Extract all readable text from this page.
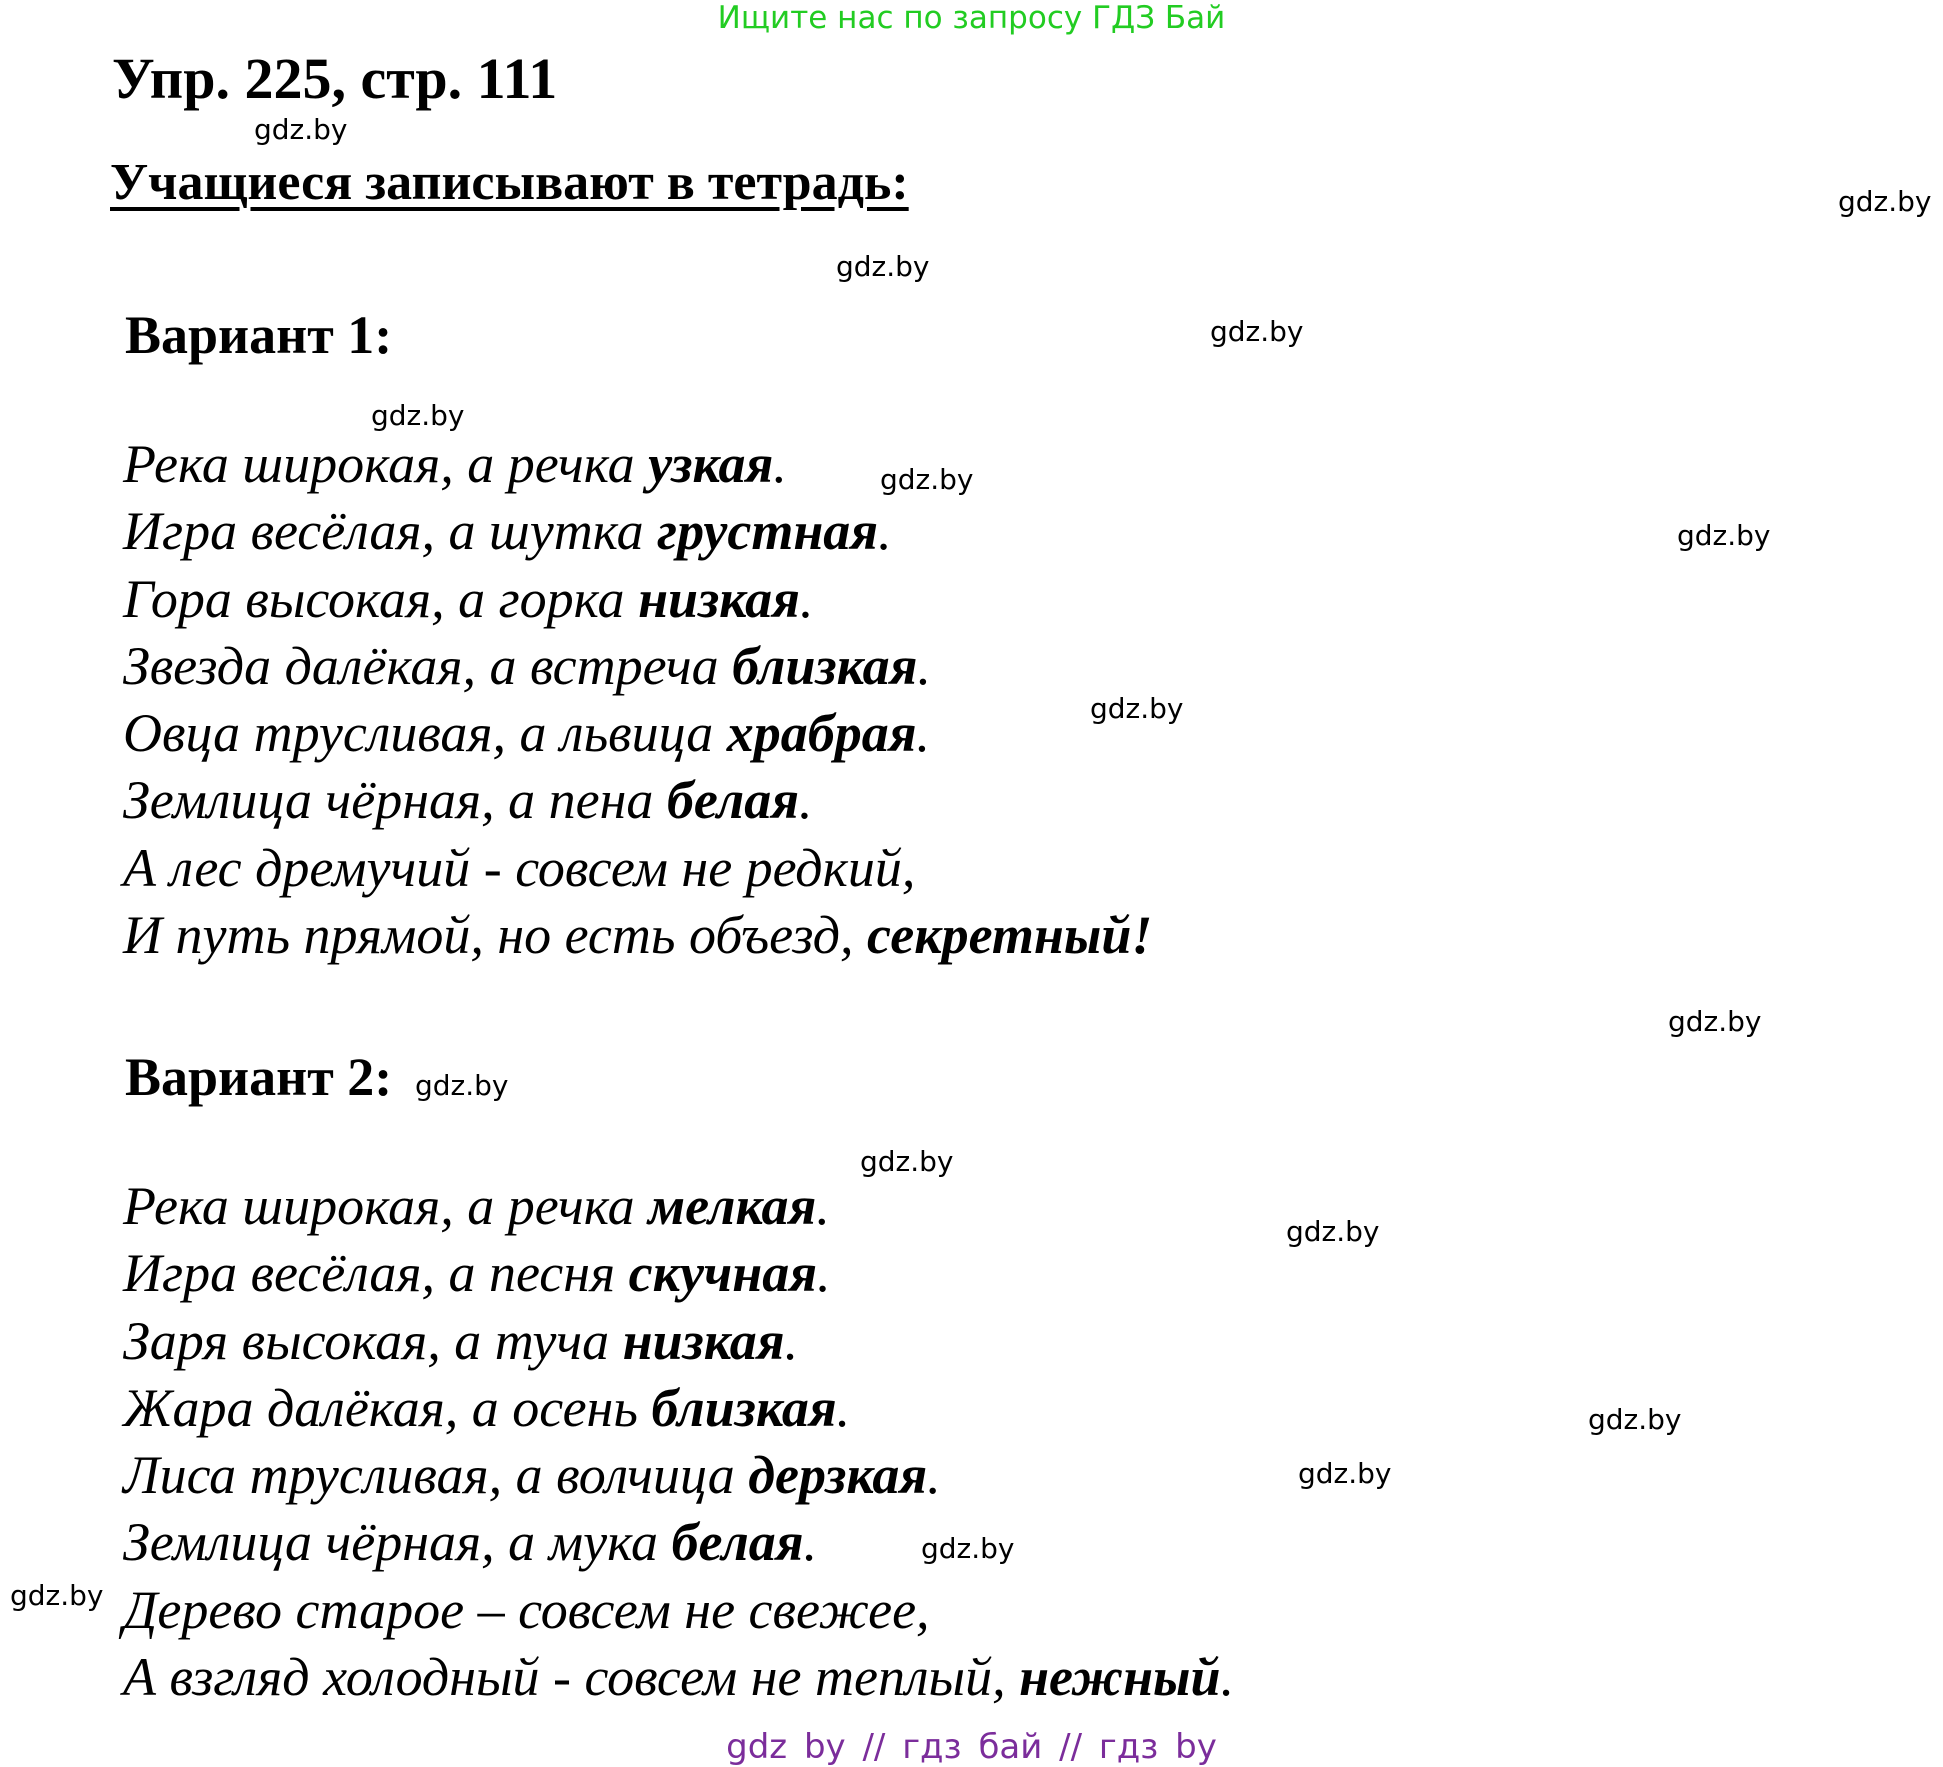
Ищите нас по запросу ГДЗ Бай
Упр. 225, стр. 111
Учащиеся записывают в тетрадь:
Вариант 1:
Река широкая, а речка узкая.
Игра весёлая, а шутка грустная.
Гора высокая, а горка низкая.
Звезда далёкая, а встреча близкая.
Овца трусливая, а львица храбрая.
Землица чёрная, а пена белая.
А лес дремучий - совсем не редкий,
И путь прямой, но есть объезд, секретный!
Вариант 2:
Река широкая, а речка мелкая.
Игра весёлая, а песня скучная.
Заря высокая, а туча низкая.
Жара далёкая, а осень близкая.
Лиса трусливая, а волчица дерзкая.
Землица чёрная, а мука белая.
Дерево старое – совсем не свежее,
А взгляд холодный - совсем не теплый, нежный.
gdz.by
gdz.by
gdz.by
gdz.by
gdz.by
gdz.by
gdz.by
gdz.by
gdz.by
gdz.by
gdz.by
gdz.by
gdz.by
gdz.by
gdz.by
gdz.by
gdz by // гдз бай // гдз by
